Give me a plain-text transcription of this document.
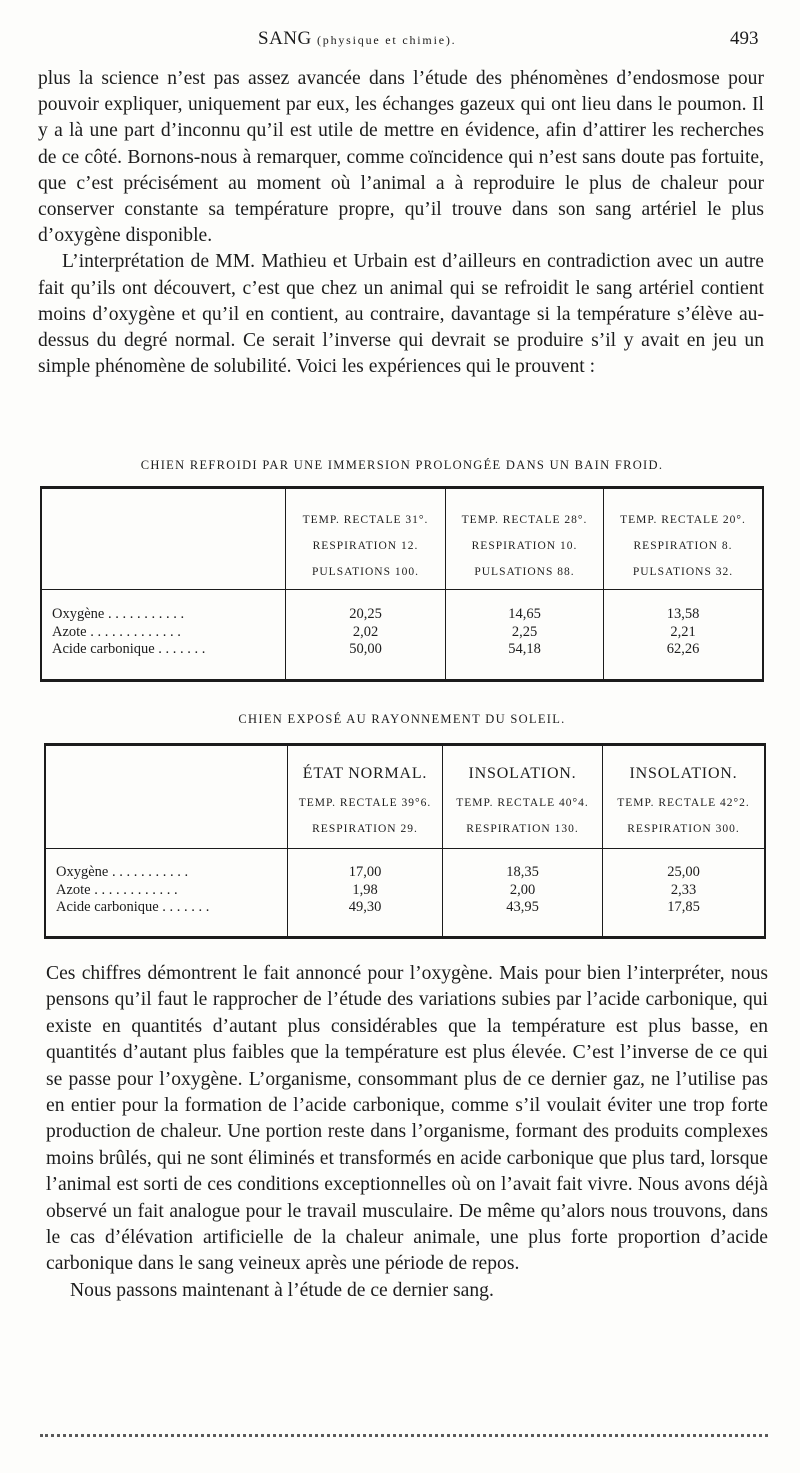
SANG (physique et chimie).	493

plus la science n’est pas assez avancée dans l’étude des phénomènes d’endosmose pour pouvoir expliquer, uniquement par eux, les échanges gazeux qui ont lieu dans le poumon. Il y a là une part d’inconnu qu’il est utile de mettre en évidence, afin d’attirer les recherches de ce côté. Bornons-nous à remarquer, comme coïncidence qui n’est sans doute pas fortuite, que c’est précisément au moment où l’animal a à reproduire le plus de chaleur pour conserver constante sa température propre, qu’il trouve dans son sang artériel le plus d’oxygène disponible.

L’interprétation de MM. Mathieu et Urbain est d’ailleurs en contradiction avec un autre fait qu’ils ont découvert, c’est que chez un animal qui se refroidit le sang artériel contient moins d’oxygène et qu’il en contient, au contraire, davantage si la température s’élève au-dessus du degré normal. Ce serait l’inverse qui devrait se produire s’il y avait en jeu un simple phénomène de solubilité. Voici les expériences qui le prouvent :

CHIEN REFROIDI PAR UNE IMMERSION PROLONGÉE DANS UN BAIN FROID.
TEMP. RECTALE 31°.
RESPIRATION 12.
PULSATIONS 100.
TEMP. RECTALE 28°.
RESPIRATION 10.
PULSATIONS 88.
TEMP. RECTALE 20°.
RESPIRATION 8.
PULSATIONS 32.
Oxygène . . . . . . . . . . .
Azote . . . . . . . . . . . . .
Acide carbonique . . . . . . .
20,25
2,02
50,00
14,65
2,25
54,18
13,58
2,21
62,26
CHIEN EXPOSÉ AU RAYONNEMENT DU SOLEIL.
ÉTAT NORMAL.
TEMP. RECTALE 39°6.
RESPIRATION 29.
INSOLATION.
TEMP. RECTALE 40°4.
RESPIRATION 130.
INSOLATION.
TEMP. RECTALE 42°2.
RESPIRATION 300.
Oxygène . . . . . . . . . . .
Azote . . . . . . . . . . . .
Acide carbonique . . . . . . .
17,00
1,98
49,30
18,35
2,00
43,95
25,00
2,33
17,85

Ces chiffres démontrent le fait annoncé pour l’oxygène. Mais pour bien l’interpréter, nous pensons qu’il faut le rapprocher de l’étude des variations subies par l’acide carbonique, qui existe en quantités d’autant plus considérables que la température est plus basse, en quantités d’autant plus faibles que la température est plus élevée. C’est l’inverse de ce qui se passe pour l’oxygène. L’organisme, consommant plus de ce dernier gaz, ne l’utilise pas en entier pour la formation de l’acide carbonique, comme s’il voulait éviter une trop forte production de chaleur. Une portion reste dans l’organisme, formant des produits complexes moins brûlés, qui ne sont éliminés et transformés en acide carbonique que plus tard, lorsque l’animal est sorti de ces conditions exceptionnelles où on l’avait fait vivre. Nous avons déjà observé un fait analogue pour le travail musculaire. De même qu’alors nous trouvons, dans le cas d’élévation artificielle de la chaleur animale, une plus forte proportion d’acide carbonique dans le sang veineux après une période de repos.

Nous passons maintenant à l’étude de ce dernier sang.
